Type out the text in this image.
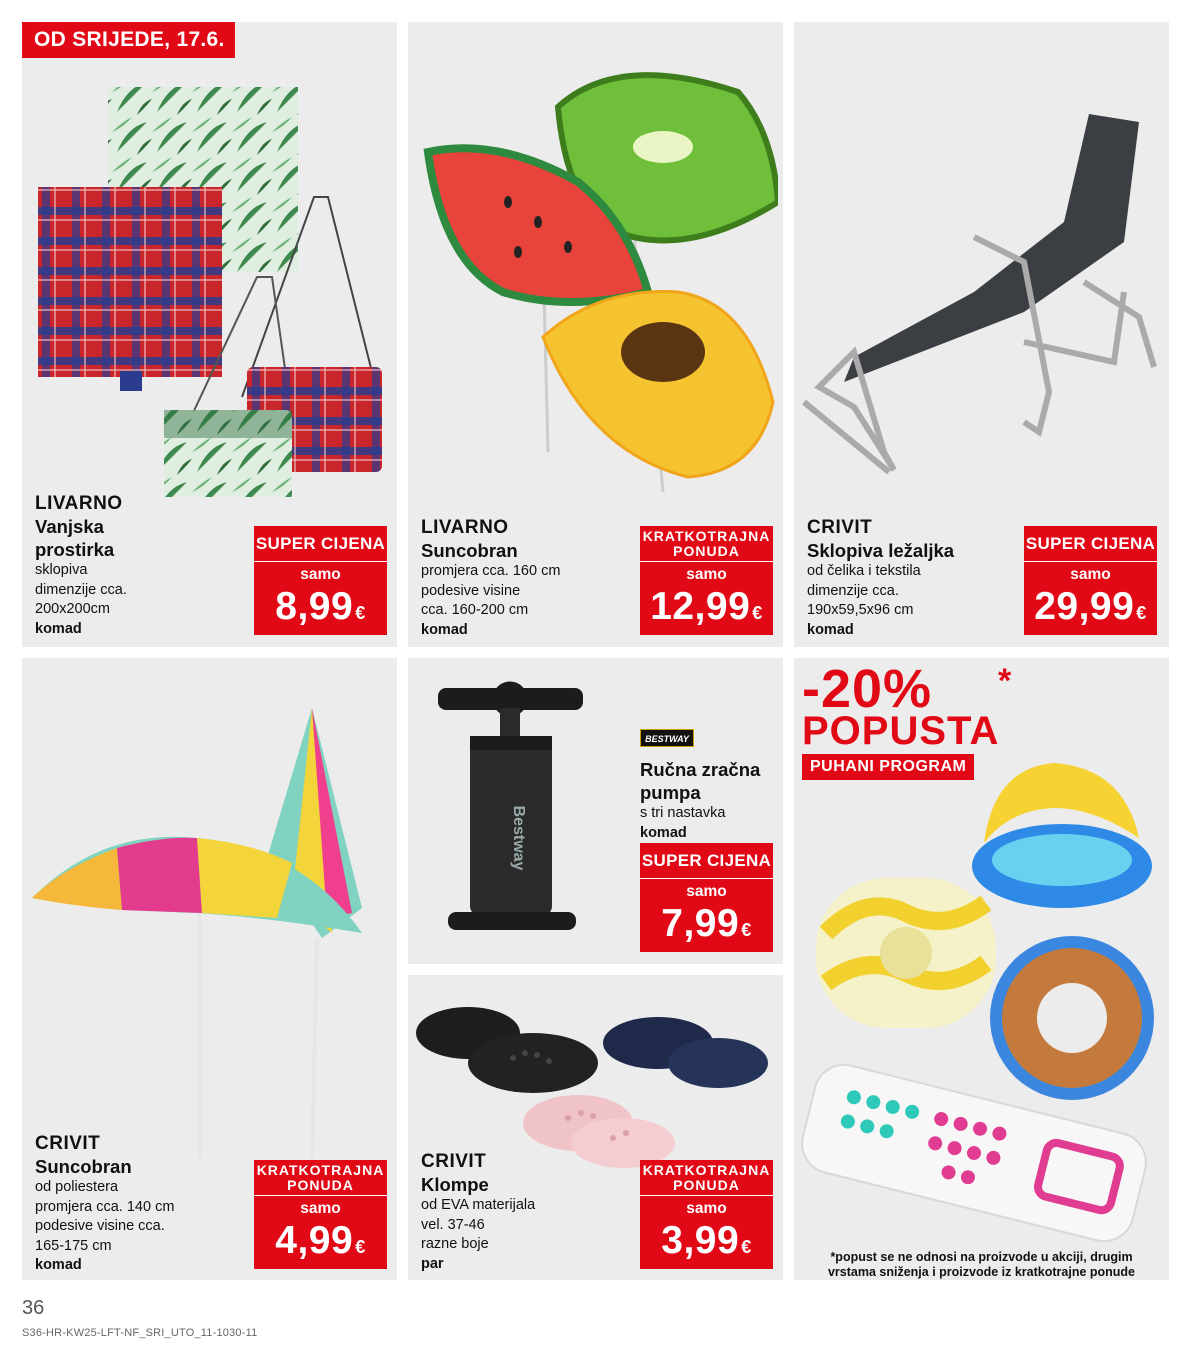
OD SRIJEDE, 17.6.
LIVARNO
Vanjska
prostirka
sklopiva
dimenzije cca.
200x200cm
komad
SUPER CIJENA
samo
8,99 €
LIVARNO
Suncobran
promjera cca. 160 cm
podesive visine
cca. 160-200 cm
komad
KRATKOTRAJNA
PONUDA
samo
12,99 €
CRIVIT
Sklopiva ležaljka
od čelika i tekstila
dimenzije cca.
190x59,5x96 cm
komad
SUPER CIJENA
samo
29,99 €
CRIVIT
Suncobran
od poliestera
promjera cca. 140 cm
podesive visine cca.
165-175 cm
komad
KRATKOTRAJNA
PONUDA
samo
4,99 €
Bestway
BESTWAY
Ručna zračna
pumpa
s tri nastavka
komad
SUPER CIJENA
samo
7,99 €
CRIVIT
Klompe
od EVA materijala
vel. 37-46
razne boje
par
KRATKOTRAJNA
PONUDA
samo
3,99 €
-20%	*
POPUSTA
PUHANI PROGRAM
*popust se ne odnosi na proizvode u akciji, drugim
vrstama sniženja i proizvode iz kratkotrajne ponude
36
S36-HR-KW25-LFT-NF_SRI_UTO_11-1030-11
